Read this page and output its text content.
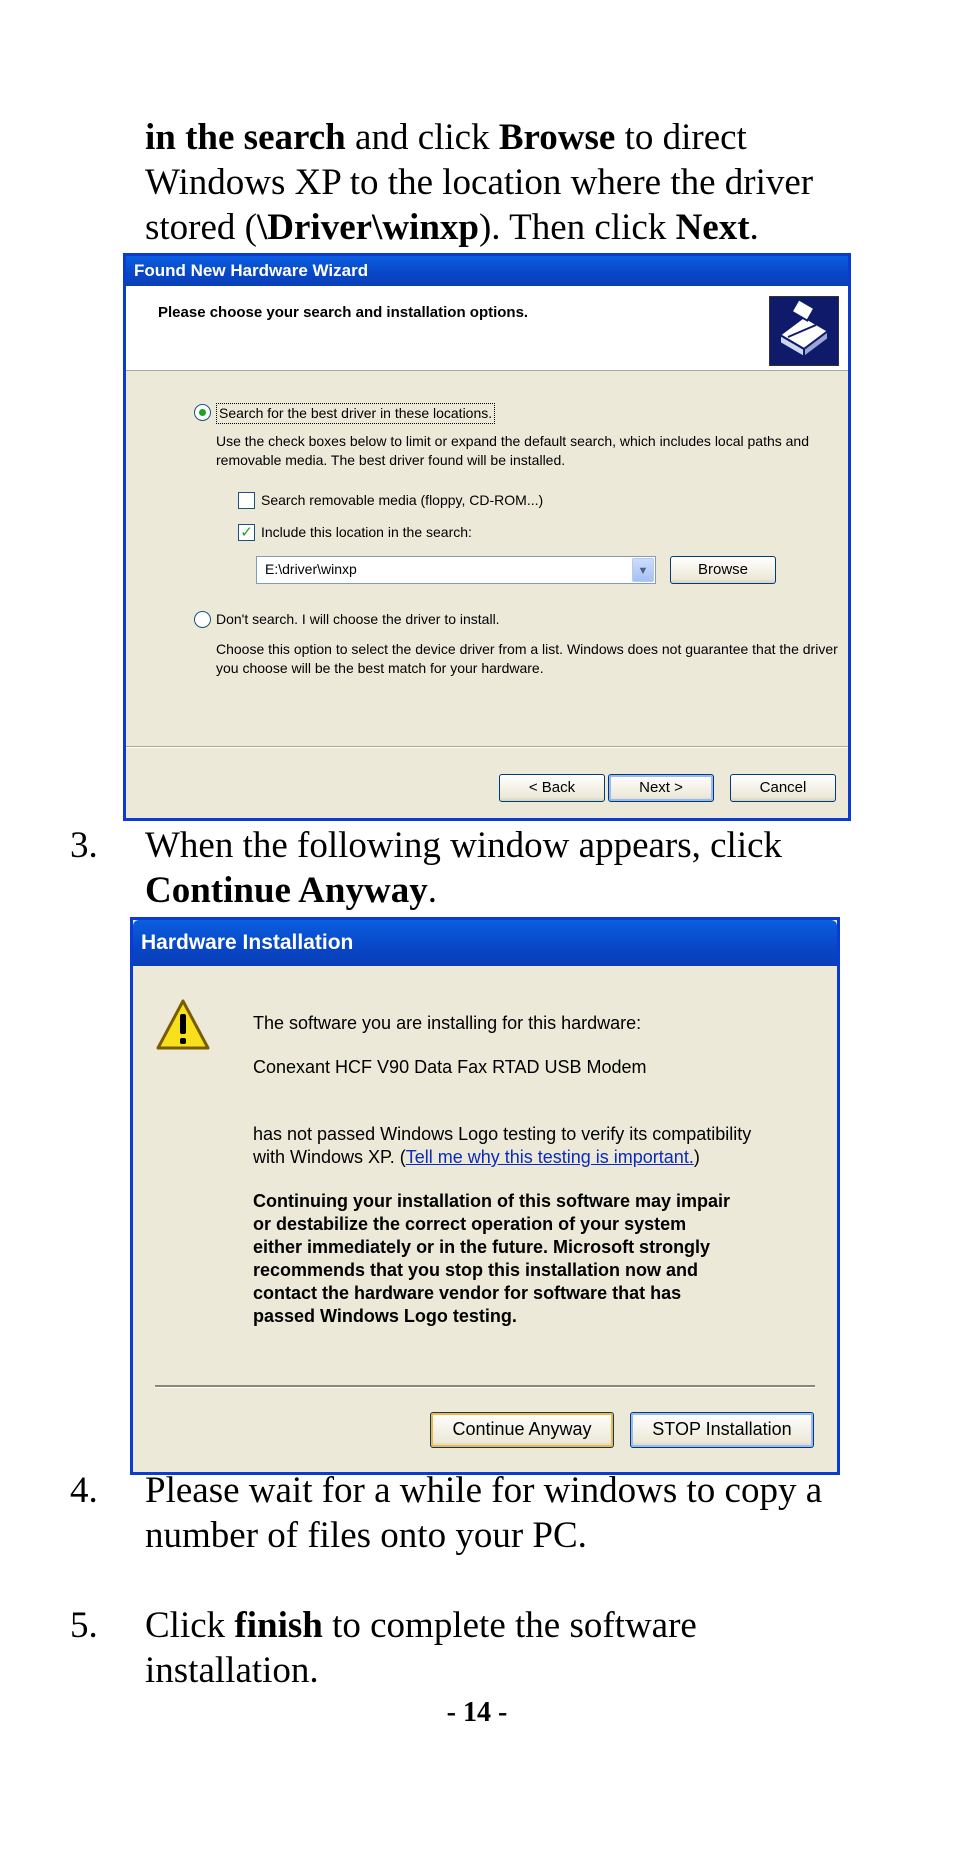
in the search and click Browse to direct
Windows XP to the location where the driver
stored (\Driver\winxp). Then click Next.
Found New Hardware Wizard
Please choose your search and installation options.
Search for the best driver in these locations.
Use the check boxes below to limit or expand the default search, which includes local paths and removable media. The best driver found will be installed.
Search removable media (floppy, CD-ROM...)
✓ Include this location in the search:
E:\driver\winxp	▼	Browse
Don't search. I will choose the driver to install.
Choose this option to select the device driver from a list. Windows does not guarantee that the driver you choose will be the best match for your hardware.
< Back	Next >	Cancel
3. When the following window appears, click
Continue Anyway.
Hardware Installation
The software you are installing for this hardware:
Conexant HCF V90 Data Fax RTAD USB Modem
has not passed Windows Logo testing to verify its compatibility
with Windows XP. (Tell me why this testing is important.)
Continuing your installation of this software may impair
or destabilize the correct operation of your system
either immediately or in the future. Microsoft strongly
recommends that you stop this installation now and
contact the hardware vendor for software that has
passed Windows Logo testing.
Continue Anyway	STOP Installation
4. Please wait for a while for windows to copy a
number of files onto your PC.
5. Click finish to complete the software
installation.
- 14 -
